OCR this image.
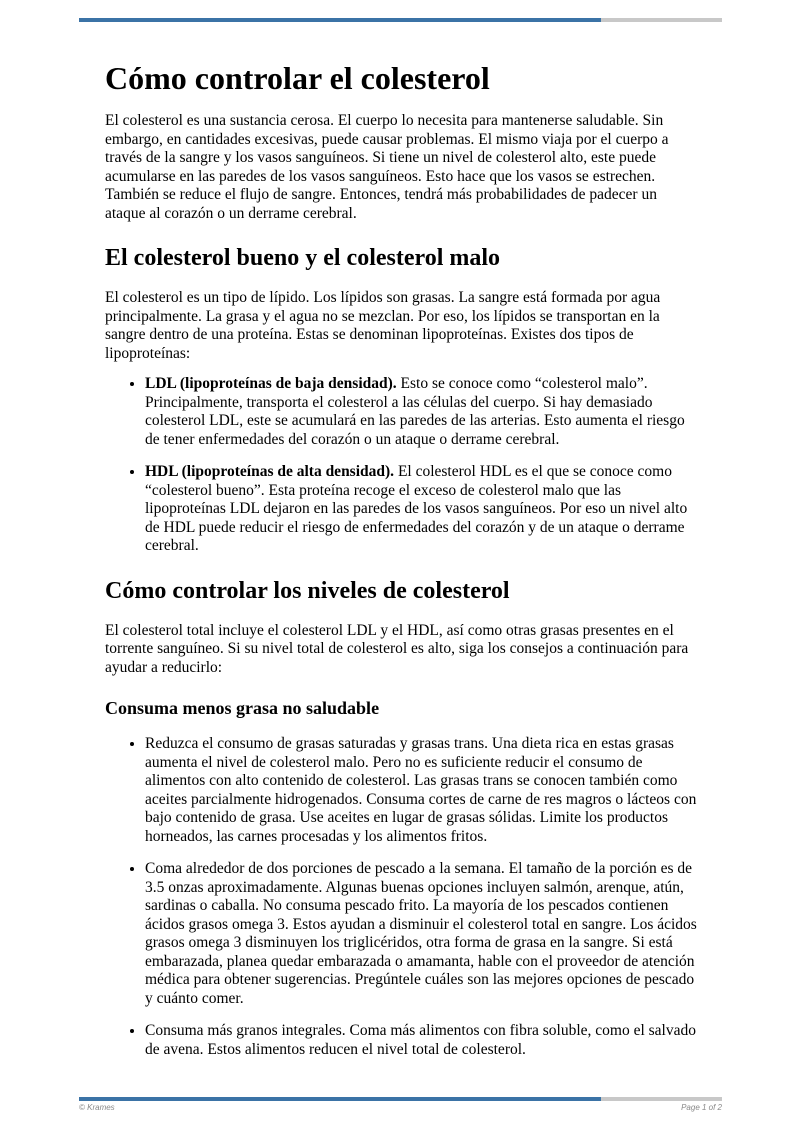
Cómo controlar el colesterol

El colesterol es una sustancia cerosa. El cuerpo lo necesita para mantenerse saludable. Sin embargo, en cantidades excesivas, puede causar problemas. El mismo viaja por el cuerpo a través de la sangre y los vasos sanguíneos. Si tiene un nivel de colesterol alto, este puede acumularse en las paredes de los vasos sanguíneos. Esto hace que los vasos se estrechen. También se reduce el flujo de sangre. Entonces, tendrá más probabilidades de padecer un ataque al corazón o un derrame cerebral.

El colesterol bueno y el colesterol malo

El colesterol es un tipo de lípido. Los lípidos son grasas. La sangre está formada por agua principalmente. La grasa y el agua no se mezclan. Por eso, los lípidos se transportan en la sangre dentro de una proteína. Estas se denominan lipoproteínas. Existes dos tipos de lipoproteínas:

• LDL (lipoproteínas de baja densidad). Esto se conoce como “colesterol malo”. Principalmente, transporta el colesterol a las células del cuerpo. Si hay demasiado colesterol LDL, este se acumulará en las paredes de las arterias. Esto aumenta el riesgo de tener enfermedades del corazón o un ataque o derrame cerebral.
• HDL (lipoproteínas de alta densidad). El colesterol HDL es el que se conoce como “colesterol bueno”. Esta proteína recoge el exceso de colesterol malo que las lipoproteínas LDL dejaron en las paredes de los vasos sanguíneos. Por eso un nivel alto de HDL puede reducir el riesgo de enfermedades del corazón y de un ataque o derrame cerebral.
Cómo controlar los niveles de colesterol

El colesterol total incluye el colesterol LDL y el HDL, así como otras grasas presentes en el torrente sanguíneo. Si su nivel total de colesterol es alto, siga los consejos a continuación para ayudar a reducirlo:

Consuma menos grasa no saludable
• Reduzca el consumo de grasas saturadas y grasas trans. Una dieta rica en estas grasas aumenta el nivel de colesterol malo. Pero no es suficiente reducir el consumo de alimentos con alto contenido de colesterol. Las grasas trans se conocen también como aceites parcialmente hidrogenados. Consuma cortes de carne de res magros o lácteos con bajo contenido de grasa. Use aceites en lugar de grasas sólidas. Limite los productos horneados, las carnes procesadas y los alimentos fritos.
• Coma alrededor de dos porciones de pescado a la semana. El tamaño de la porción es de 3.5 onzas aproximadamente. Algunas buenas opciones incluyen salmón, arenque, atún, sardinas o caballa. No consuma pescado frito. La mayoría de los pescados contienen ácidos grasos omega 3. Estos ayudan a disminuir el colesterol total en sangre. Los ácidos grasos omega 3 disminuyen los triglicéridos, otra forma de grasa en la sangre. Si está embarazada, planea quedar embarazada o amamanta, hable con el proveedor de atención médica para obtener sugerencias. Pregúntele cuáles son las mejores opciones de pescado y cuánto comer.
• Consuma más granos integrales. Coma más alimentos con fibra soluble, como el salvado de avena. Estos alimentos reducen el nivel total de colesterol.
© Krames	Page 1 of 2
